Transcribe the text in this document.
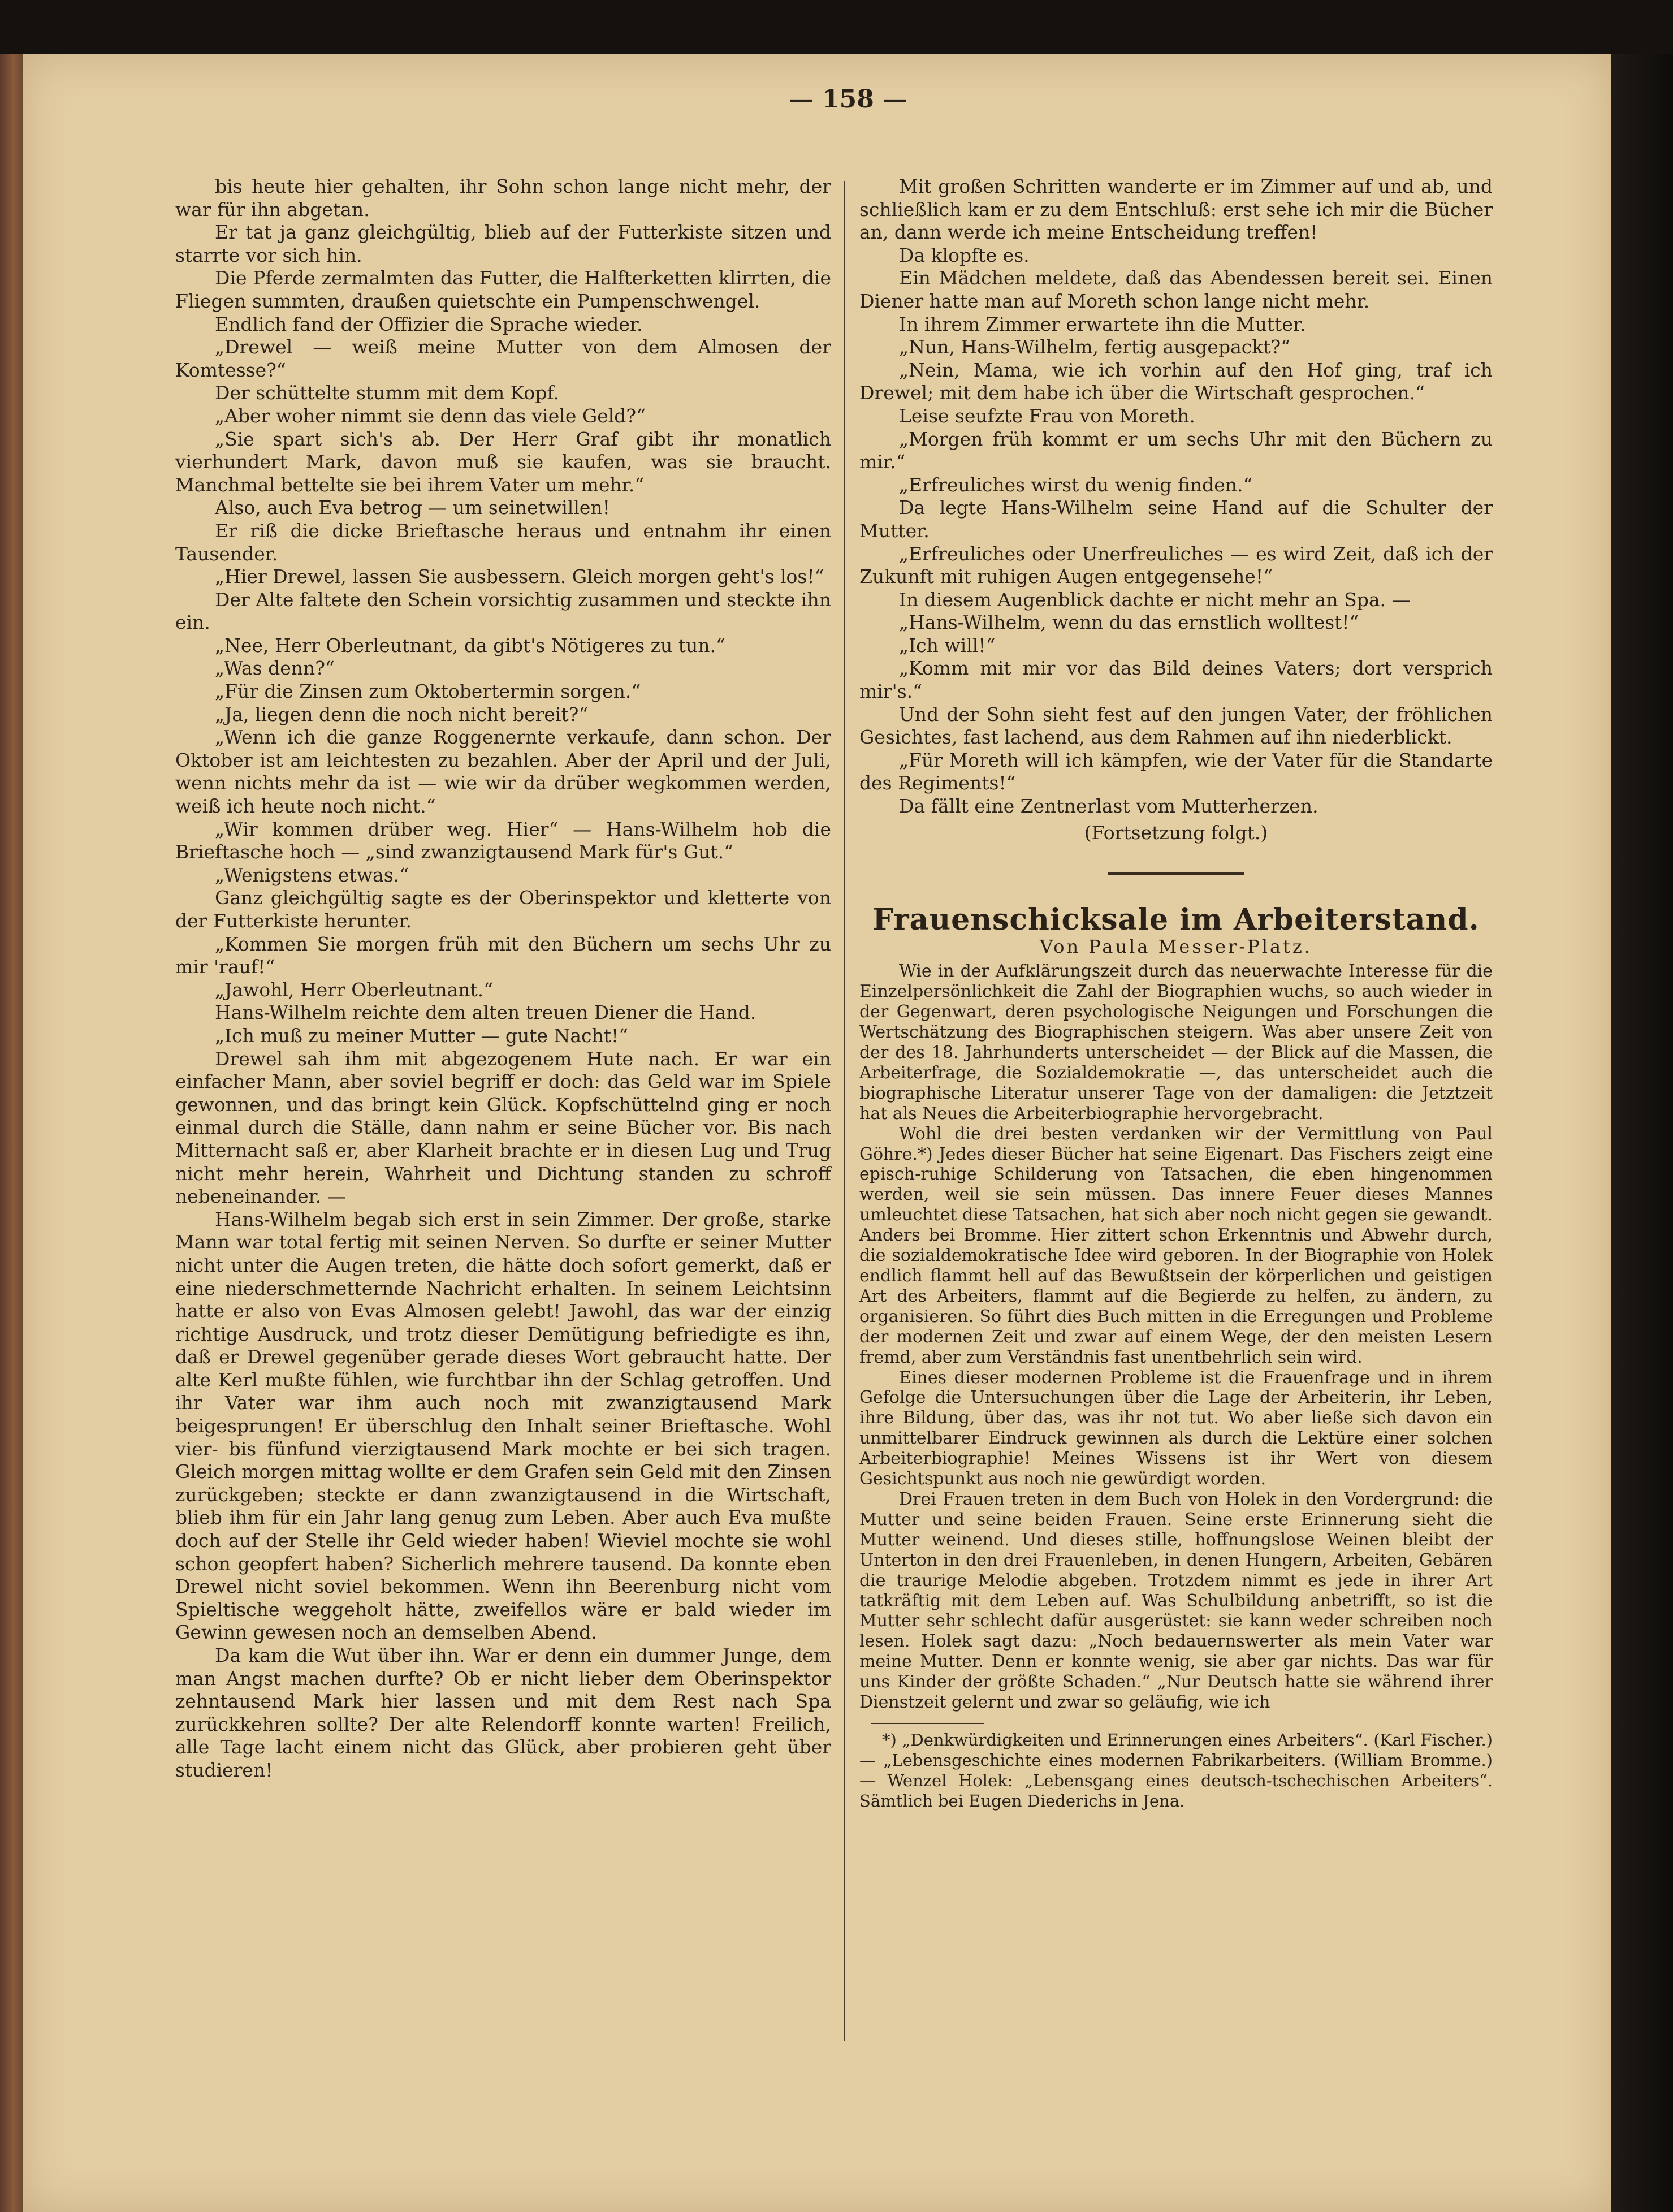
— 158 —

bis heute hier gehalten, ihr Sohn schon lange nicht mehr, der war für ihn abgetan.

Er tat ja ganz gleichgültig, blieb auf der Futterkiste sitzen und starrte vor sich hin.

Die Pferde zermalmten das Futter, die Halfterketten klirrten, die Fliegen summten, draußen quietschte ein Pumpenschwengel.

Endlich fand der Offizier die Sprache wieder.

„Drewel — weiß meine Mutter von dem Almosen der Komtesse?“

Der schüttelte stumm mit dem Kopf.

„Aber woher nimmt sie denn das viele Geld?“

„Sie spart sich's ab. Der Herr Graf gibt ihr monatlich vierhundert Mark, davon muß sie kaufen, was sie braucht. Manchmal bettelte sie bei ihrem Vater um mehr.“

Also, auch Eva betrog — um seinetwillen!

Er riß die dicke Brieftasche heraus und entnahm ihr einen Tausender.

„Hier Drewel, lassen Sie ausbessern. Gleich morgen geht's los!“

Der Alte faltete den Schein vorsichtig zusammen und steckte ihn ein.

„Nee, Herr Oberleutnant, da gibt's Nötigeres zu tun.“

„Was denn?“

„Für die Zinsen zum Oktobertermin sorgen.“

„Ja, liegen denn die noch nicht bereit?“

„Wenn ich die ganze Roggenernte verkaufe, dann schon. Der Oktober ist am leichtesten zu bezahlen. Aber der April und der Juli, wenn nichts mehr da ist — wie wir da drüber wegkommen werden, weiß ich heute noch nicht.“

„Wir kommen drüber weg. Hier“ — Hans-Wilhelm hob die Brieftasche hoch — „sind zwanzigtausend Mark für's Gut.“

„Wenigstens etwas.“

Ganz gleichgültig sagte es der Oberinspektor und kletterte von der Futterkiste herunter.

„Kommen Sie morgen früh mit den Büchern um sechs Uhr zu mir 'rauf!“

„Jawohl, Herr Oberleutnant.“

Hans-Wilhelm reichte dem alten treuen Diener die Hand.

„Ich muß zu meiner Mutter — gute Nacht!“

Drewel sah ihm mit abgezogenem Hute nach. Er war ein einfacher Mann, aber soviel begriff er doch: das Geld war im Spiele gewonnen, und das bringt kein Glück. Kopfschüttelnd ging er noch einmal durch die Ställe, dann nahm er seine Bücher vor. Bis nach Mitternacht saß er, aber Klarheit brachte er in diesen Lug und Trug nicht mehr herein, Wahrheit und Dichtung standen zu schroff nebeneinander. —

Hans-Wilhelm begab sich erst in sein Zimmer. Der große, starke Mann war total fertig mit seinen Nerven. So durfte er seiner Mutter nicht unter die Augen treten, die hätte doch sofort gemerkt, daß er eine niederschmetternde Nachricht erhalten. In seinem Leichtsinn hatte er also von Evas Almosen gelebt! Jawohl, das war der einzig richtige Ausdruck, und trotz dieser Demütigung befriedigte es ihn, daß er Drewel gegenüber gerade dieses Wort gebraucht hatte. Der alte Kerl mußte fühlen, wie furchtbar ihn der Schlag getroffen. Und ihr Vater war ihm auch noch mit zwanzigtausend Mark beigesprungen! Er überschlug den Inhalt seiner Brieftasche. Wohl vier- bis fünfund vierzigtausend Mark mochte er bei sich tragen. Gleich morgen mittag wollte er dem Grafen sein Geld mit den Zinsen zurückgeben; steckte er dann zwanzigtausend in die Wirtschaft, blieb ihm für ein Jahr lang genug zum Leben. Aber auch Eva mußte doch auf der Stelle ihr Geld wieder haben! Wieviel mochte sie wohl schon geopfert haben? Sicherlich mehrere tausend. Da konnte eben Drewel nicht soviel bekommen. Wenn ihn Beerenburg nicht vom Spieltische weggeholt hätte, zweifellos wäre er bald wieder im Gewinn gewesen noch an demselben Abend.

Da kam die Wut über ihn. War er denn ein dummer Junge, dem man Angst machen durfte? Ob er nicht lieber dem Oberinspektor zehntausend Mark hier lassen und mit dem Rest nach Spa zurückkehren sollte? Der alte Relendorff konnte warten! Freilich, alle Tage lacht einem nicht das Glück, aber probieren geht über studieren!

Mit großen Schritten wanderte er im Zimmer auf und ab, und schließlich kam er zu dem Entschluß: erst sehe ich mir die Bücher an, dann werde ich meine Entscheidung treffen!

Da klopfte es.

Ein Mädchen meldete, daß das Abendessen bereit sei. Einen Diener hatte man auf Moreth schon lange nicht mehr.

In ihrem Zimmer erwartete ihn die Mutter.

„Nun, Hans-Wilhelm, fertig ausgepackt?“

„Nein, Mama, wie ich vorhin auf den Hof ging, traf ich Drewel; mit dem habe ich über die Wirtschaft gesprochen.“

Leise seufzte Frau von Moreth.

„Morgen früh kommt er um sechs Uhr mit den Büchern zu mir.“

„Erfreuliches wirst du wenig finden.“

Da legte Hans-Wilhelm seine Hand auf die Schulter der Mutter.

„Erfreuliches oder Unerfreuliches — es wird Zeit, daß ich der Zukunft mit ruhigen Augen entgegensehe!“

In diesem Augenblick dachte er nicht mehr an Spa. —

„Hans-Wilhelm, wenn du das ernstlich wolltest!“

„Ich will!“

„Komm mit mir vor das Bild deines Vaters; dort versprich mir's.“

Und der Sohn sieht fest auf den jungen Vater, der fröhlichen Gesichtes, fast lachend, aus dem Rahmen auf ihn niederblickt.

„Für Moreth will ich kämpfen, wie der Vater für die Standarte des Regiments!“

Da fällt eine Zentnerlast vom Mutterherzen.

(Fortsetzung folgt.)

Frauenschicksale im Arbeiterstand.

Von Paula Messer-Platz.

Wie in der Aufklärungszeit durch das neuerwachte Interesse für die Einzelpersönlichkeit die Zahl der Biographien wuchs, so auch wieder in der Gegenwart, deren psychologische Neigungen und Forschungen die Wertschätzung des Biographischen steigern. Was aber unsere Zeit von der des 18. Jahrhunderts unterscheidet — der Blick auf die Massen, die Arbeiterfrage, die Sozialdemokratie —, das unterscheidet auch die biographische Literatur unserer Tage von der damaligen: die Jetztzeit hat als Neues die Arbeiterbiographie hervorgebracht.

Wohl die drei besten verdanken wir der Vermittlung von Paul Göhre.*) Jedes dieser Bücher hat seine Eigenart. Das Fischers zeigt eine episch-ruhige Schilderung von Tatsachen, die eben hingenommen werden, weil sie sein müssen. Das innere Feuer dieses Mannes umleuchtet diese Tatsachen, hat sich aber noch nicht gegen sie gewandt. Anders bei Bromme. Hier zittert schon Erkenntnis und Abwehr durch, die sozialdemokratische Idee wird geboren. In der Biographie von Holek endlich flammt hell auf das Bewußtsein der körperlichen und geistigen Art des Arbeiters, flammt auf die Begierde zu helfen, zu ändern, zu organisieren. So führt dies Buch mitten in die Erregungen und Probleme der modernen Zeit und zwar auf einem Wege, der den meisten Lesern fremd, aber zum Verständnis fast unentbehrlich sein wird.

Eines dieser modernen Probleme ist die Frauenfrage und in ihrem Gefolge die Untersuchungen über die Lage der Arbeiterin, ihr Leben, ihre Bildung, über das, was ihr not tut. Wo aber ließe sich davon ein unmittelbarer Eindruck gewinnen als durch die Lektüre einer solchen Arbeiterbiographie! Meines Wissens ist ihr Wert von diesem Gesichtspunkt aus noch nie gewürdigt worden.

Drei Frauen treten in dem Buch von Holek in den Vordergrund: die Mutter und seine beiden Frauen. Seine erste Erinnerung sieht die Mutter weinend. Und dieses stille, hoffnungslose Weinen bleibt der Unterton in den drei Frauenleben, in denen Hungern, Arbeiten, Gebären die traurige Melodie abgeben. Trotzdem nimmt es jede in ihrer Art tatkräftig mit dem Leben auf. Was Schulbildung anbetrifft, so ist die Mutter sehr schlecht dafür ausgerüstet: sie kann weder schreiben noch lesen. Holek sagt dazu: „Noch bedauernswerter als mein Vater war meine Mutter. Denn er konnte wenig, sie aber gar nichts. Das war für uns Kinder der größte Schaden.“ „Nur Deutsch hatte sie während ihrer Dienstzeit gelernt und zwar so geläufig, wie ich

*) „Denkwürdigkeiten und Erinnerungen eines Arbeiters“. (Karl Fischer.) — „Lebensgeschichte eines modernen Fabrikarbeiters. (William Bromme.) — Wenzel Holek: „Lebensgang eines deutsch-tschechischen Arbeiters“. Sämtlich bei Eugen Diederichs in Jena.
